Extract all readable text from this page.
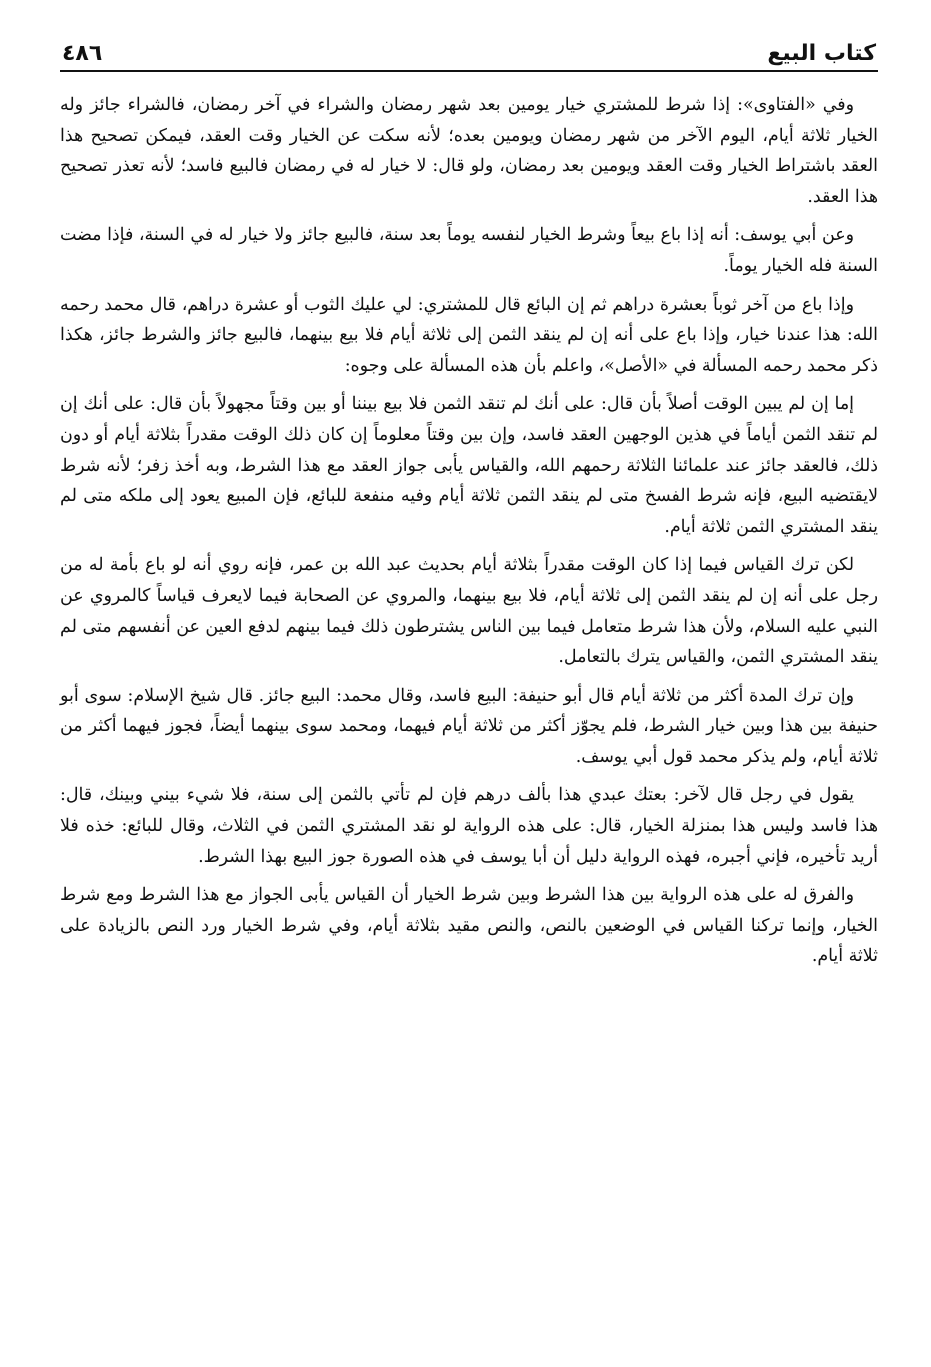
كتاب البيع
٤٨٦

وفي «الفتاوى»: إذا شرط للمشتري خيار يومين بعد شهر رمضان والشراء في آخر رمضان، فالشراء جائز وله الخيار ثلاثة أيام، اليوم الآخر من شهر رمضان ويومين بعده؛ لأنه سكت عن الخيار وقت العقد، فيمكن تصحيح هذا العقد باشتراط الخيار وقت العقد ويومين بعد رمضان، ولو قال: لا خيار له في رمضان فالبيع فاسد؛ لأنه تعذر تصحيح هذا العقد.

وعن أبي يوسف: أنه إذا باع بيعاً وشرط الخيار لنفسه يوماً بعد سنة، فالبيع جائز ولا خيار له في السنة، فإذا مضت السنة فله الخيار يوماً.

وإذا باع من آخر ثوباً بعشرة دراهم ثم إن البائع قال للمشتري: لي عليك الثوب أو عشرة دراهم، قال محمد رحمه الله: هذا عندنا خيار، وإذا باع على أنه إن لم ينقد الثمن إلى ثلاثة أيام فلا بيع بينهما، فالبيع جائز والشرط جائز، هكذا ذكر محمد رحمه المسألة في «الأصل»، واعلم بأن هذه المسألة على وجوه:

إما إن لم يبين الوقت أصلاً بأن قال: على أنك لم تنقد الثمن فلا بيع بيننا أو بين وقتاً مجهولاً بأن قال: على أنك إن لم تنقد الثمن أياماً في هذين الوجهين العقد فاسد، وإن بين وقتاً معلوماً إن كان ذلك الوقت مقدراً بثلاثة أيام أو دون ذلك، فالعقد جائز عند علمائنا الثلاثة رحمهم الله، والقياس يأبى جواز العقد مع هذا الشرط، وبه أخذ زفر؛ لأنه شرط لايقتضيه البيع، فإنه شرط الفسخ متى لم ينقد الثمن ثلاثة أيام وفيه منفعة للبائع، فإن المبيع يعود إلى ملكه متى لم ينقد المشتري الثمن ثلاثة أيام.

لكن ترك القياس فيما إذا كان الوقت مقدراً بثلاثة أيام بحديث عبد الله بن عمر، فإنه روي أنه لو باع بأمة له من رجل على أنه إن لم ينقد الثمن إلى ثلاثة أيام، فلا بيع بينهما، والمروي عن الصحابة فيما لايعرف قياساً كالمروي عن النبي عليه السلام، ولأن هذا شرط متعامل فيما بين الناس يشترطون ذلك فيما بينهم لدفع العين عن أنفسهم متى لم ينقد المشتري الثمن، والقياس يترك بالتعامل.

وإن ترك المدة أكثر من ثلاثة أيام قال أبو حنيفة: البيع فاسد، وقال محمد: البيع جائز. قال شيخ الإسلام: سوى أبو حنيفة بين هذا وبين خيار الشرط، فلم يجوّز أكثر من ثلاثة أيام فيهما، ومحمد سوى بينهما أيضاً، فجوز فيهما أكثر من ثلاثة أيام، ولم يذكر محمد قول أبي يوسف.

يقول في رجل قال لآخر: بعتك عبدي هذا بألف درهم فإن لم تأتي بالثمن إلى سنة، فلا شيء بيني وبينك، قال: هذا فاسد وليس هذا بمنزلة الخيار، قال: على هذه الرواية لو نقد المشتري الثمن في الثلاث، وقال للبائع: خذه فلا أريد تأخيره، فإني أجبره، فهذه الرواية دليل أن أبا يوسف في هذه الصورة جوز البيع بهذا الشرط.

والفرق له على هذه الرواية بين هذا الشرط وبين شرط الخيار أن القياس يأبى الجواز مع هذا الشرط ومع شرط الخيار، وإنما تركنا القياس في الوضعين بالنص، والنص مقيد بثلاثة أيام، وفي شرط الخيار ورد النص بالزيادة على ثلاثة أيام.
